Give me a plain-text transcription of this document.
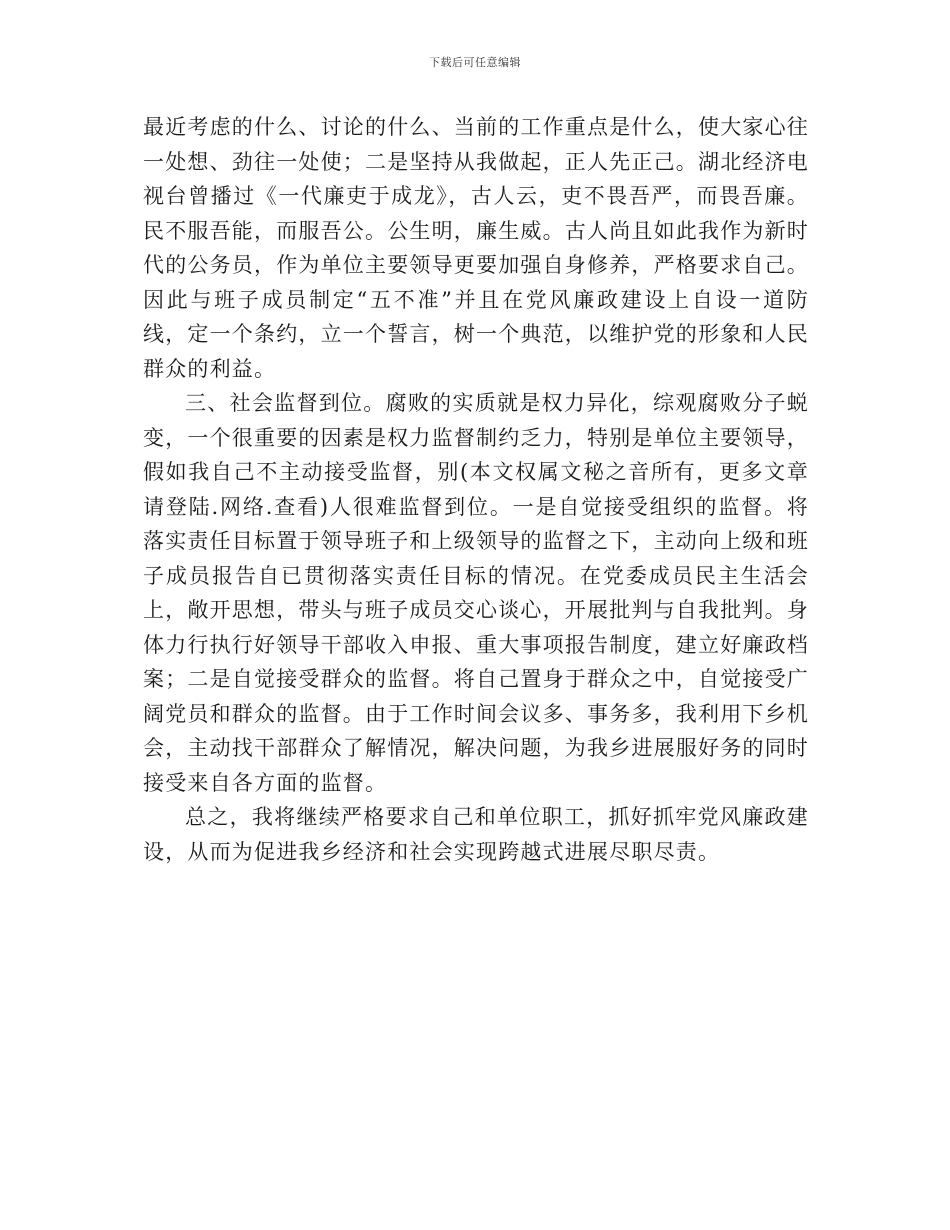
下载后可任意编辑

最近考虑的什么、讨论的什么、当前的工作重点是什么，使大家心往一处想、劲往一处使；二是坚持从我做起，正人先正己。湖北经济电视台曾播过《一代廉吏于成龙》，古人云，吏不畏吾严，而畏吾廉。民不服吾能，而服吾公。公生明，廉生威。古人尚且如此我作为新时代的公务员，作为单位主要领导更要加强自身修养，严格要求自己。因此与班子成员制定“五不准”并且在党风廉政建设上自设一道防线，定一个条约，立一个誓言，树一个典范，以维护党的形象和人民群众的利益。

三、社会监督到位。腐败的实质就是权力异化，综观腐败分子蜕变，一个很重要的因素是权力监督制约乏力，特别是单位主要领导，假如我自己不主动接受监督，别(本文权属文秘之音所有，更多文章请登陆.网络.查看)人很难监督到位。一是自觉接受组织的监督。将落实责任目标置于领导班子和上级领导的监督之下，主动向上级和班子成员报告自已贯彻落实责任目标的情况。在党委成员民主生活会上，敞开思想，带头与班子成员交心谈心，开展批判与自我批判。身体力行执行好领导干部收入申报、重大事项报告制度，建立好廉政档案；二是自觉接受群众的监督。将自己置身于群众之中，自觉接受广阔党员和群众的监督。由于工作时间会议多、事务多，我利用下乡机会，主动找干部群众了解情况，解决问题，为我乡进展服好务的同时接受来自各方面的监督。

总之，我将继续严格要求自己和单位职工，抓好抓牢党风廉政建设，从而为促进我乡经济和社会实现跨越式进展尽职尽责。
